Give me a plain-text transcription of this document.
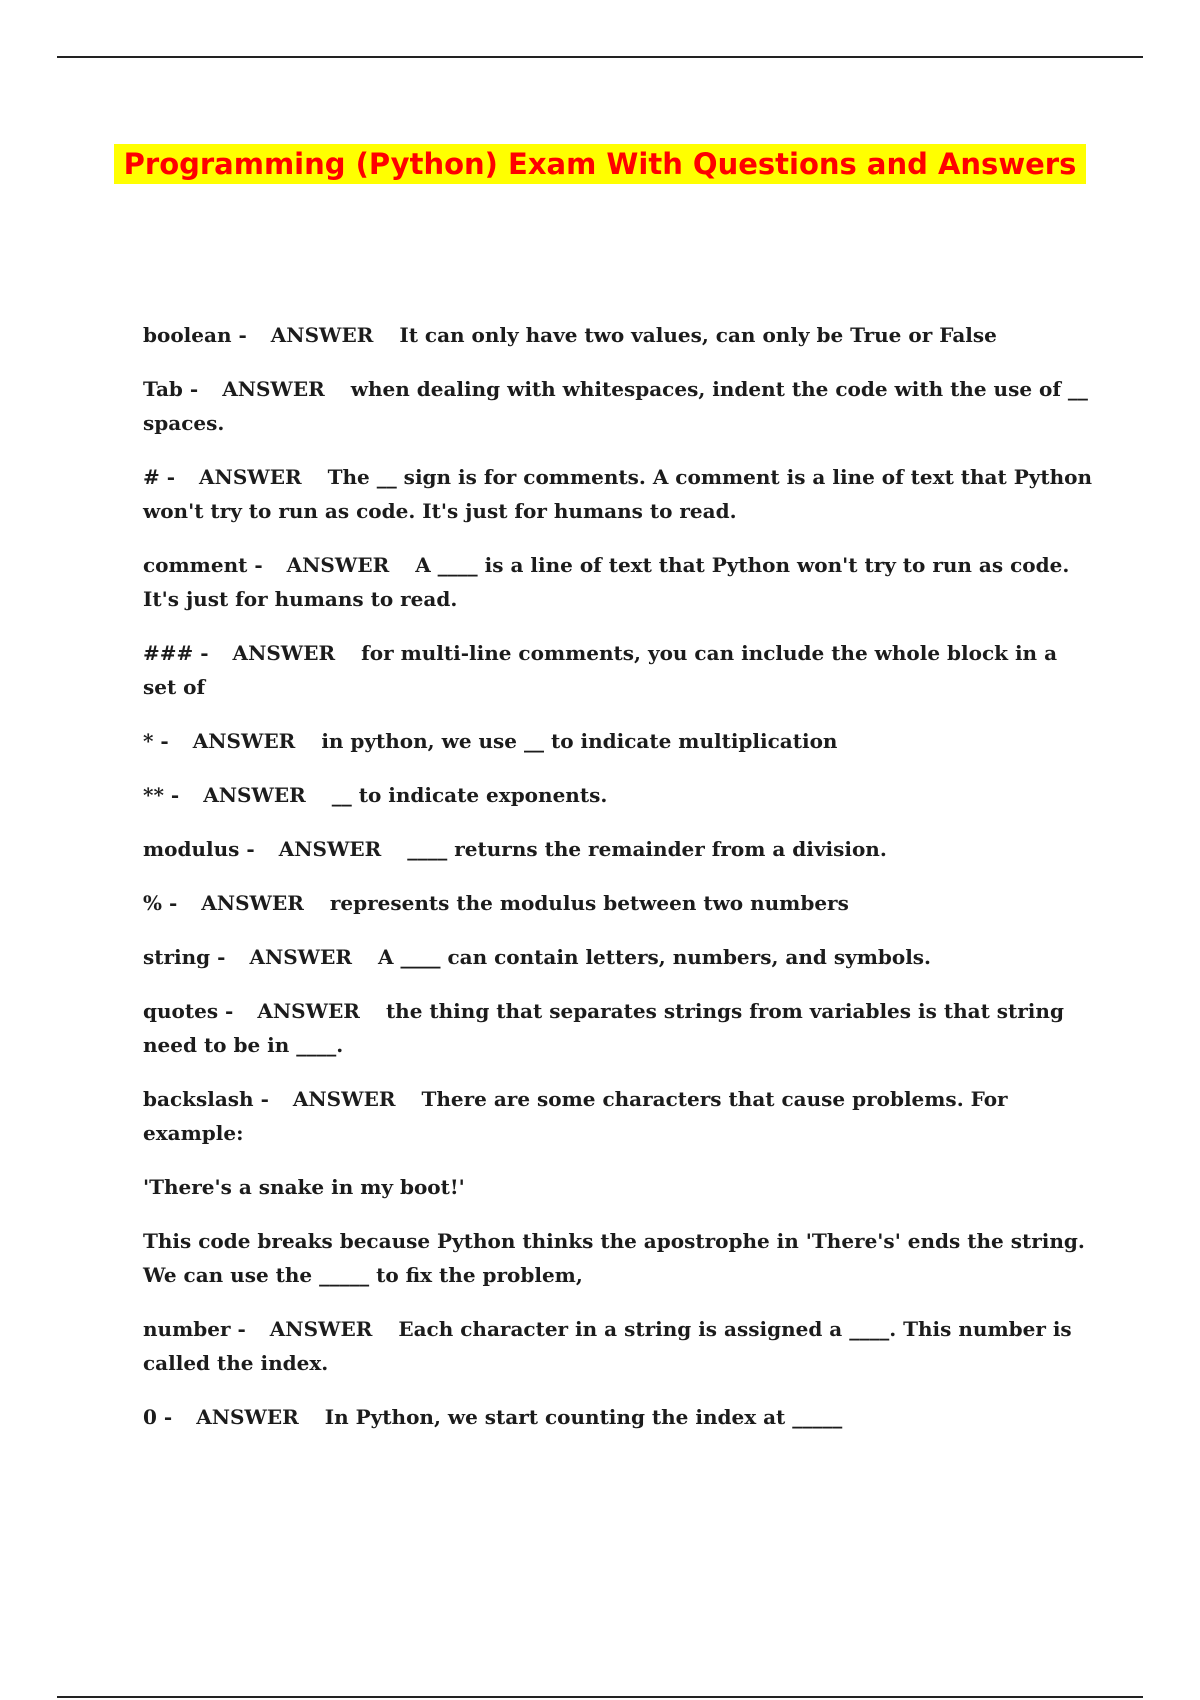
Programming (Python) Exam With Questions and Answers
boolean - ANSWER It can only have two values, can only be True or False
Tab - ANSWER when dealing with whitespaces, indent the code with the use of __ spaces.
# - ANSWER The __ sign is for comments. A comment is a line of text that Python won't try to run as code. It's just for humans to read.
comment - ANSWER A ____ is a line of text that Python won't try to run as code. It's just for humans to read.
### - ANSWER for multi-line comments, you can include the whole block in a set of
* - ANSWER in python, we use __ to indicate multiplication
** - ANSWER __ to indicate exponents.
modulus - ANSWER ____ returns the remainder from a division.
% - ANSWER represents the modulus between two numbers
string - ANSWER A ____ can contain letters, numbers, and symbols.
quotes - ANSWER the thing that separates strings from variables is that string need to be in ____.
backslash - ANSWER There are some characters that cause problems. For example:
'There's a snake in my boot!'
This code breaks because Python thinks the apostrophe in 'There's' ends the string. We can use the _____ to fix the problem,
number - ANSWER Each character in a string is assigned a ____. This number is called the index.
0 - ANSWER In Python, we start counting the index at _____
